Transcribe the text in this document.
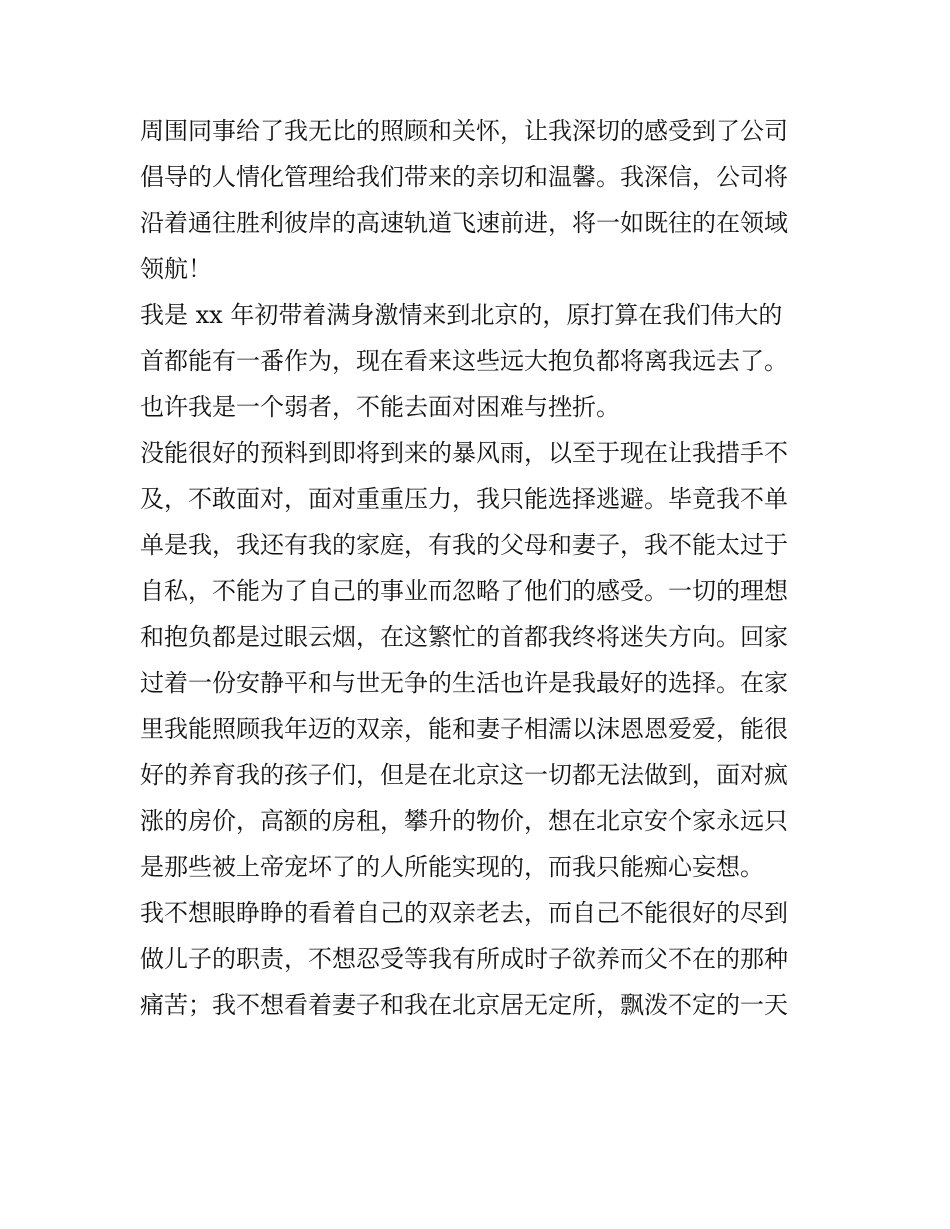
周围同事给了我无比的照顾和关怀，让我深切的感受到了公司
倡导的人情化管理给我们带来的亲切和温馨。我深信，公司将
沿着通往胜利彼岸的高速轨道飞速前进，将一如既往的在领域
领航！
我是 xx 年初带着满身激情来到北京的，原打算在我们伟大的
首都能有一番作为，现在看来这些远大抱负都将离我远去了。
也许我是一个弱者，不能去面对困难与挫折。
没能很好的预料到即将到来的暴风雨，以至于现在让我措手不
及，不敢面对，面对重重压力，我只能选择逃避。毕竟我不单
单是我，我还有我的家庭，有我的父母和妻子，我不能太过于
自私，不能为了自己的事业而忽略了他们的感受。一切的理想
和抱负都是过眼云烟，在这繁忙的首都我终将迷失方向。回家
过着一份安静平和与世无争的生活也许是我最好的选择。在家
里我能照顾我年迈的双亲，能和妻子相濡以沫恩恩爱爱，能很
好的养育我的孩子们，但是在北京这一切都无法做到，面对疯
涨的房价，高额的房租，攀升的物价，想在北京安个家永远只
是那些被上帝宠坏了的人所能实现的，而我只能痴心妄想。
我不想眼睁睁的看着自己的双亲老去，而自己不能很好的尽到
做儿子的职责，不想忍受等我有所成时子欲养而父不在的那种
痛苦；我不想看着妻子和我在北京居无定所，飘泼不定的一天
